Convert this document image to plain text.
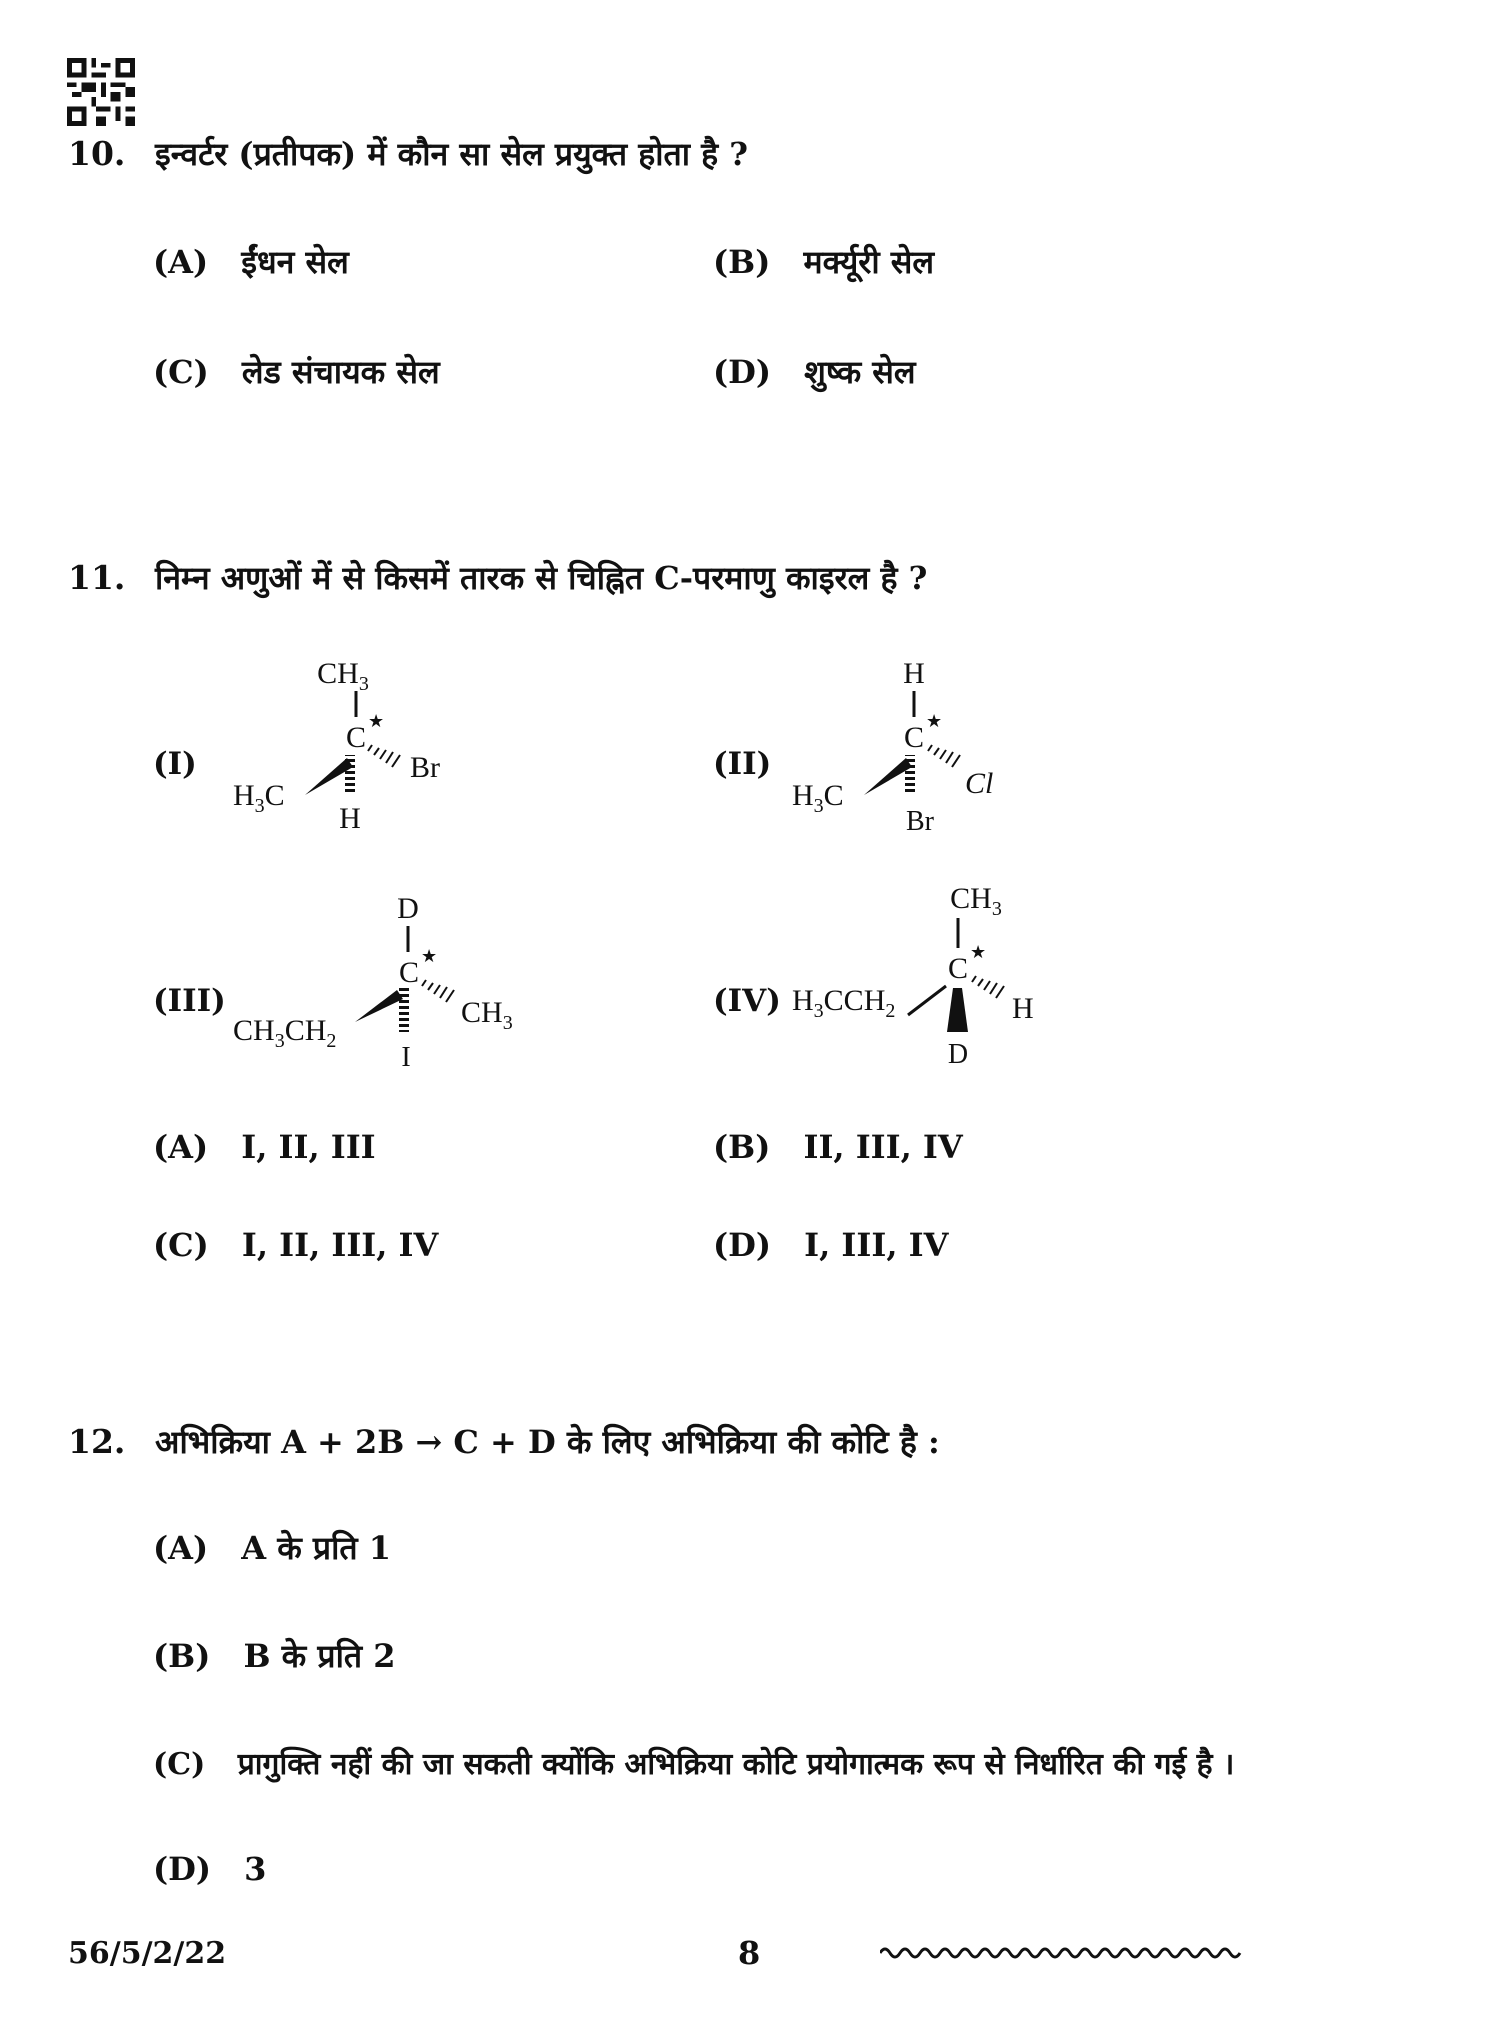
10. इन्वर्टर (प्रतीपक) में कौन सा सेल प्रयुक्त होता है ?
(A) ईंधन सेल	(B) मर्क्यूरी सेल
(C) लेड संचायक सेल	(D) शुष्क सेल
11. निम्न अणुओं में से किसमें तारक से चिह्नित C-परमाणु काइरल है ?
(I)
$CH_3$
C ★
$H_3C$
Br
H
(II)
H
C ★
$H_3C$	Cl
Br
(III)
D
C ★
$CH_3CH_2$
$CH_3$
I
(IV)
$CH_3$
C ★
$H_3CCH_2$	H
D
(A) I, II, III	(B) II, III, IV
(C) I, II, III, IV	(D) I, III, IV
12. अभिक्रिया A + 2B → C + D के लिए अभिक्रिया की कोटि है :
(A) A के प्रति 1
(B) B के प्रति 2
(C) प्रागुक्ति नहीं की जा सकती क्योंकि अभिक्रिया कोटि प्रयोगात्मक रूप से निर्धारित की गई है ।
(D) 3
56/5/2/22	8
